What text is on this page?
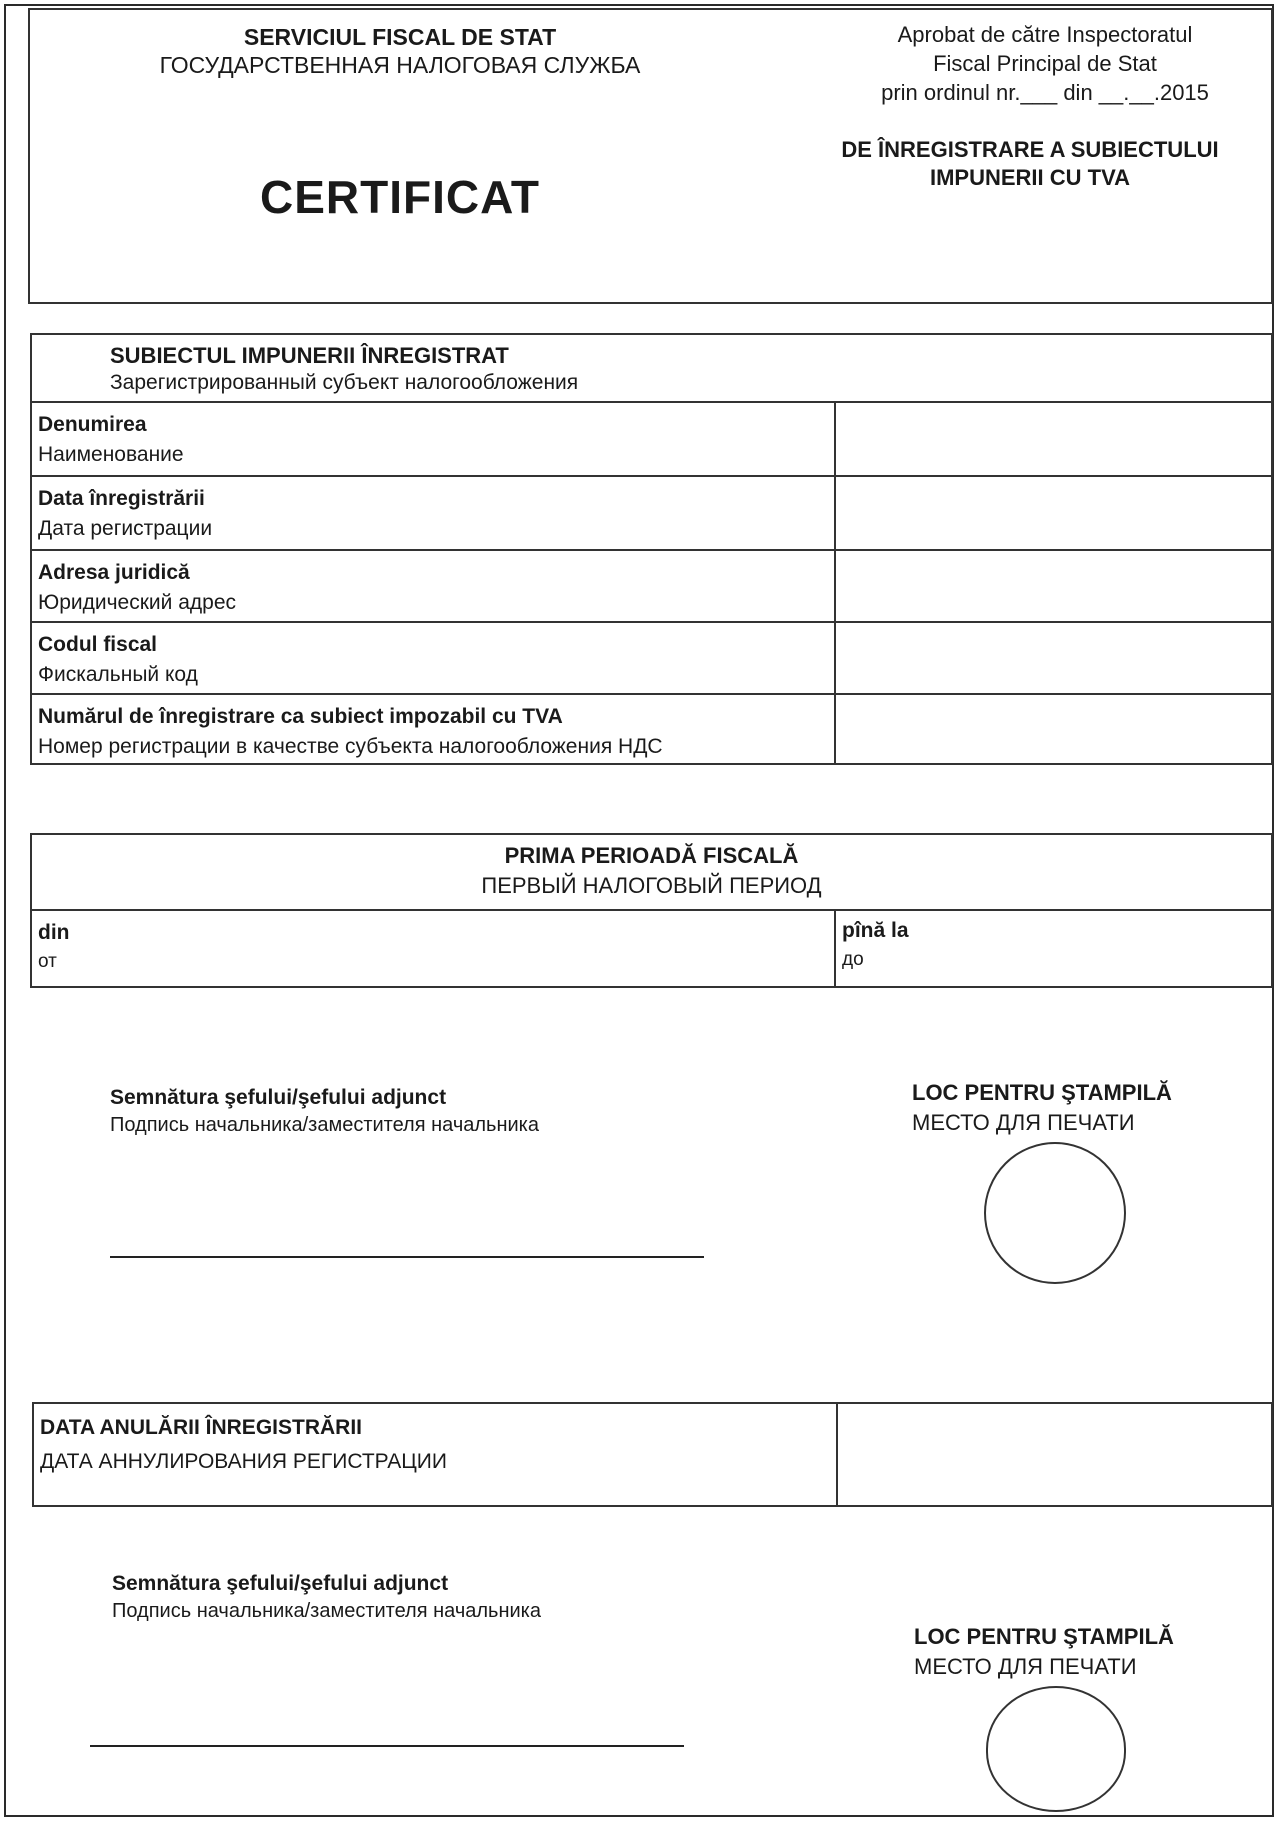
SERVICIUL FISCAL DE STAT
ГОСУДАРСТВЕННАЯ НАЛОГОВАЯ СЛУЖБА
Aprobat de către Inspectoratul
Fiscal Principal de Stat
prin ordinul nr.___ din __.__.2015
CERTIFICAT
DE ÎNREGISTRARE A SUBIECTULUI
IMPUNERII CU TVA
SUBIECTUL IMPUNERII ÎNREGISTRAT
Зарегистрированный субъект налогообложения
Denumirea
Наименование
Data înregistrării
Дата регистрации
Adresa juridică
Юридический адрес
Codul fiscal
Фискальный код
Numărul de înregistrare ca subiect impozabil cu TVA
Номер регистрации в качестве субъекта налогообложения НДС
PRIMA PERIOADĂ FISCALĂ
ПЕРВЫЙ НАЛОГОВЫЙ ПЕРИОД
din
от
pînă la
до
Semnătura şefului/şefului adjunct
Подпись начальника/заместителя начальника
LOC PENTRU ŞTAMPILĂ
МЕСТО ДЛЯ ПЕЧАТИ
DATA ANULĂRII ÎNREGISTRĂRII
ДАТА АННУЛИРОВАНИЯ РЕГИСТРАЦИИ
Semnătura şefului/şefului adjunct
Подпись начальника/заместителя начальника
LOC PENTRU ŞTAMPILĂ
МЕСТО ДЛЯ ПЕЧАТИ
